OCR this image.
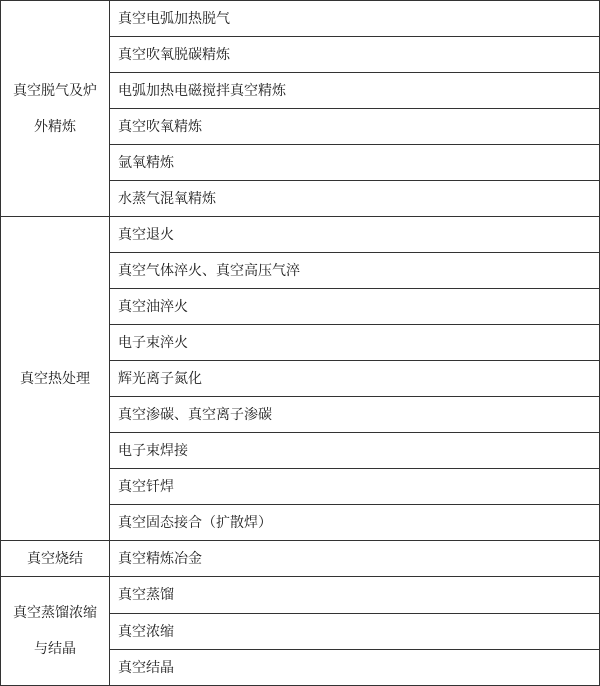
真空脱气及炉
外精炼	真空电弧加热脱气
	真空吹氧脱碳精炼
	电弧加热电磁搅拌真空精炼
	真空吹氧精炼
	氩氧精炼
	水蒸气混氧精炼

真空热处理	真空退火
	真空气体淬火、真空高压气淬
	真空油淬火
	电子束淬火
	辉光离子氮化
	真空渗碳、真空离子渗碳
	电子束焊接
	真空钎焊
	真空固态接合（扩散焊）

真空烧结	真空精炼冶金

真空蒸馏浓缩
与结晶	真空蒸馏
	真空浓缩
	真空结晶
